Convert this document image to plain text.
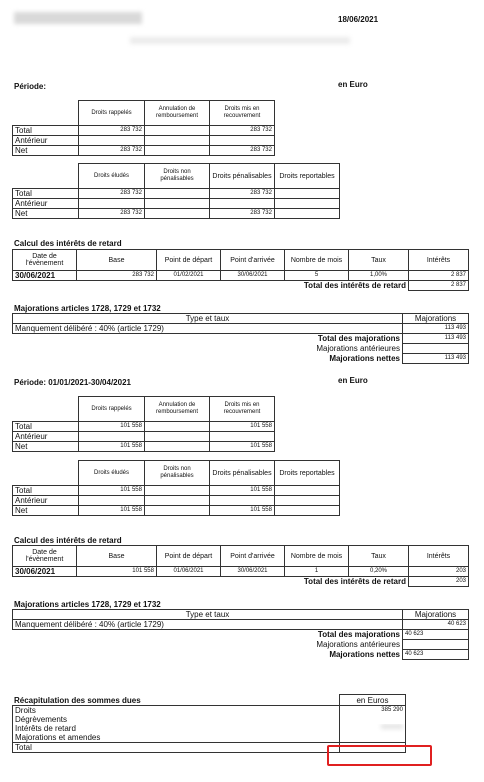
18/06/2021
Période:	en Euro
	Droits rappelés	Annulation de remboursement	Droits mis en recouvrement
Total	283 732		283 732
Antérieur			
Net	283 732		283 732
	Droits éludés	Droits non pénalisables	Droits pénalisables	Droits reportables
Total	283 732		283 732	
Antérieur				
Net	283 732		283 732	
Calcul des intérêts de retard
Date de l'évènement	Base	Point de départ	Point d'arrivée	Nombre de mois	Taux	Intérêts
30/06/2021	283 732	01/02/2021	30/06/2021	5	1,00%	2 837
					Total des intérêts de retard	2 837
Majorations articles 1728, 1729 et 1732
Type et taux	Majorations
Manquement délibéré : 40% (article 1729)	113 493
Total des majorations	113 493
Majorations antérieures	
Majorations nettes	113 493
Période: 01/01/2021-30/04/2021	en Euro
	Droits rappelés	Annulation de remboursement	Droits mis en recouvrement
Total	101 558		101 558
Antérieur			
Net	101 558		101 558
	Droits éludés	Droits non pénalisables	Droits pénalisables	Droits reportables
Total	101 558		101 558	
Antérieur				
Net	101 558		101 558	
Calcul des intérêts de retard
Date de l'évènement	Base	Point de départ	Point d'arrivée	Nombre de mois	Taux	Intérêts
30/06/2021	101 558	01/06/2021	30/06/2021	1	0,20%	203
					Total des intérêts de retard	203
Majorations articles 1728, 1729 et 1732
Type et taux	Majorations
Manquement délibéré : 40% (article 1729)	40 623
Total des majorations	40 623
Majorations antérieures	
Majorations nettes	40 623
Récapitulation des sommes dues
		en Euros
Droits	385 290
Dégrèvements	
Intérêts de retard	
Majorations et amendes	
Total	
